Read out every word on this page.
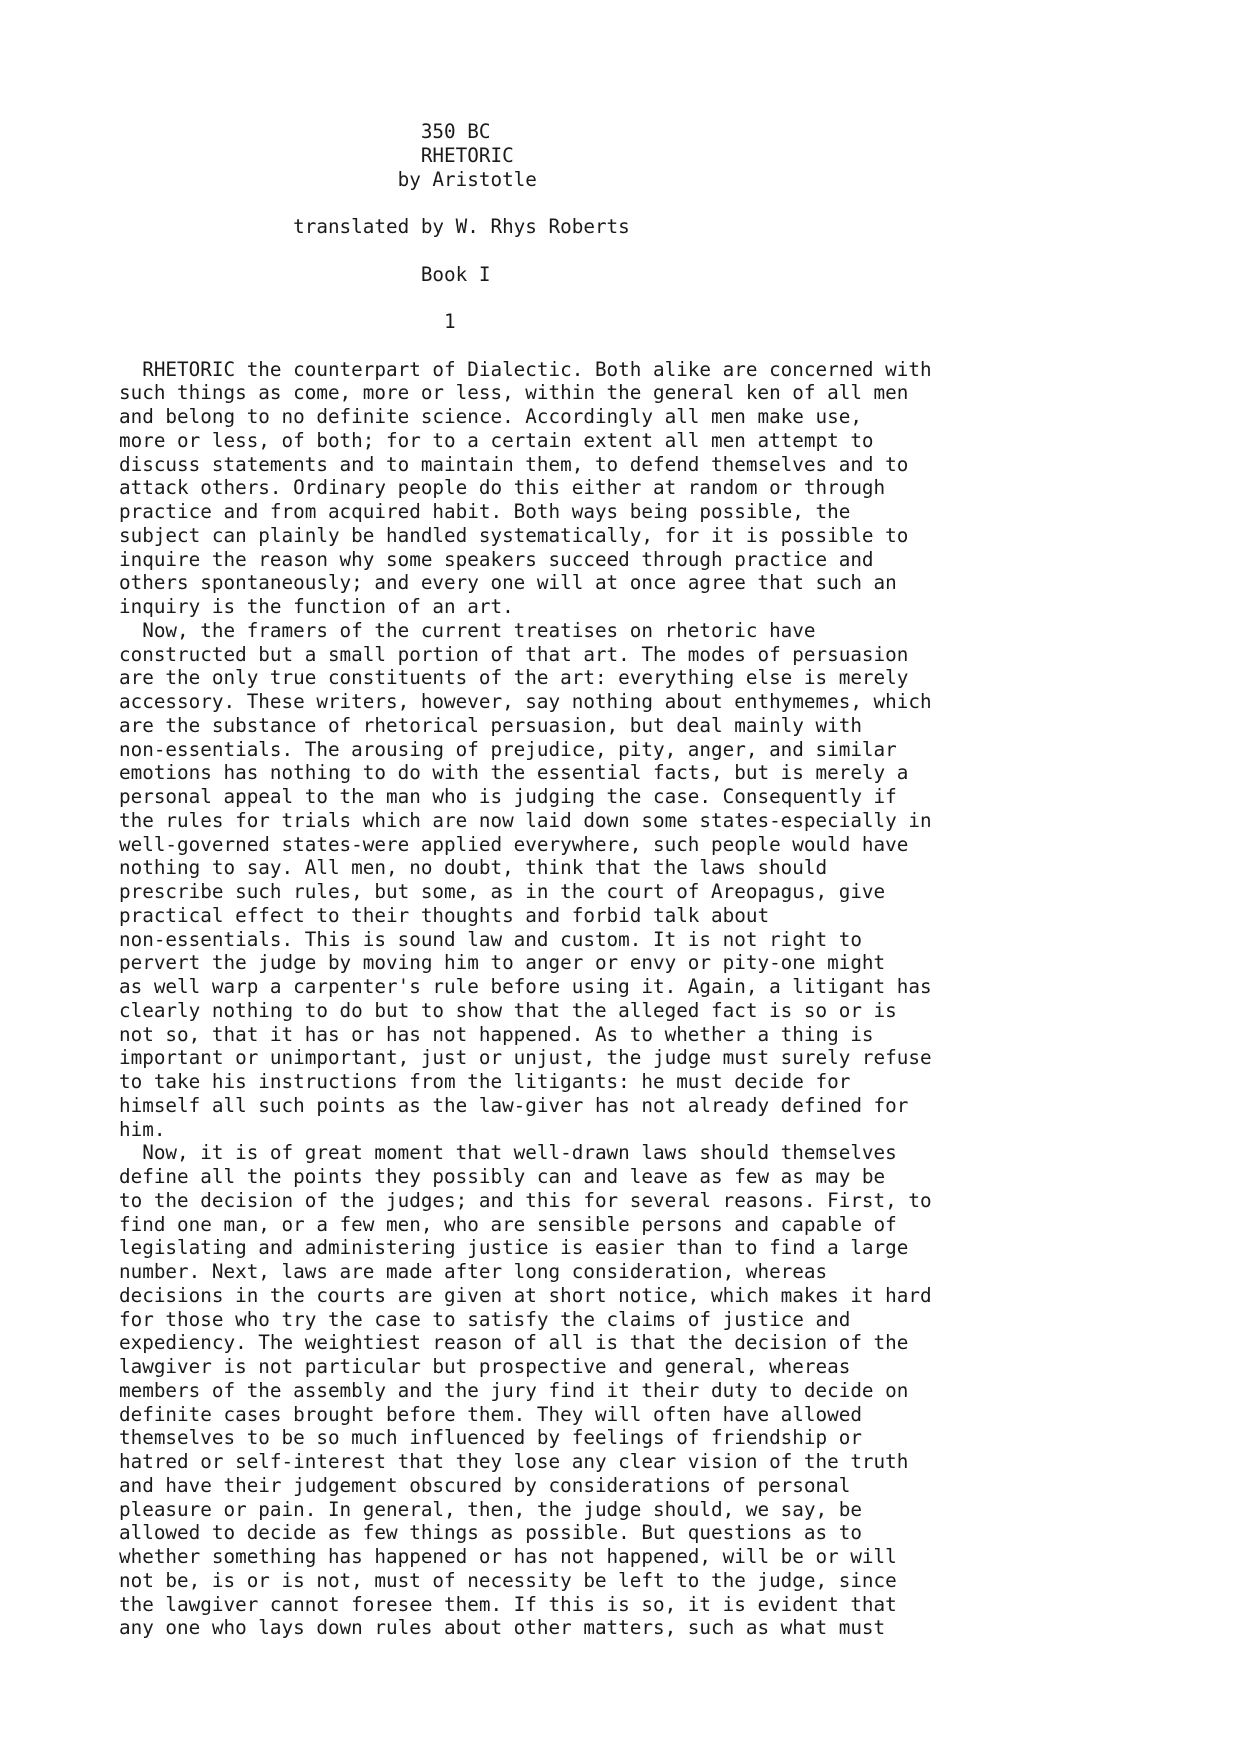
350 BC
RHETORIC
by Aristotle

translated by W. Rhys Roberts

Book I

1

RHETORIC the counterpart of Dialectic. Both alike are concerned with
such things as come, more or less, within the general ken of all men
and belong to no definite science. Accordingly all men make use,
more or less, of both; for to a certain extent all men attempt to
discuss statements and to maintain them, to defend themselves and to
attack others. Ordinary people do this either at random or through
practice and from acquired habit. Both ways being possible, the
subject can plainly be handled systematically, for it is possible to
inquire the reason why some speakers succeed through practice and
others spontaneously; and every one will at once agree that such an
inquiry is the function of an art.
Now, the framers of the current treatises on rhetoric have
constructed but a small portion of that art. The modes of persuasion
are the only true constituents of the art: everything else is merely
accessory. These writers, however, say nothing about enthymemes, which
are the substance of rhetorical persuasion, but deal mainly with
non-essentials. The arousing of prejudice, pity, anger, and similar
emotions has nothing to do with the essential facts, but is merely a
personal appeal to the man who is judging the case. Consequently if
the rules for trials which are now laid down some states-especially in
well-governed states-were applied everywhere, such people would have
nothing to say. All men, no doubt, think that the laws should
prescribe such rules, but some, as in the court of Areopagus, give
practical effect to their thoughts and forbid talk about
non-essentials. This is sound law and custom. It is not right to
pervert the judge by moving him to anger or envy or pity-one might
as well warp a carpenter's rule before using it. Again, a litigant has
clearly nothing to do but to show that the alleged fact is so or is
not so, that it has or has not happened. As to whether a thing is
important or unimportant, just or unjust, the judge must surely refuse
to take his instructions from the litigants: he must decide for
himself all such points as the law-giver has not already defined for
him.
Now, it is of great moment that well-drawn laws should themselves
define all the points they possibly can and leave as few as may be
to the decision of the judges; and this for several reasons. First, to
find one man, or a few men, who are sensible persons and capable of
legislating and administering justice is easier than to find a large
number. Next, laws are made after long consideration, whereas
decisions in the courts are given at short notice, which makes it hard
for those who try the case to satisfy the claims of justice and
expediency. The weightiest reason of all is that the decision of the
lawgiver is not particular but prospective and general, whereas
members of the assembly and the jury find it their duty to decide on
definite cases brought before them. They will often have allowed
themselves to be so much influenced by feelings of friendship or
hatred or self-interest that they lose any clear vision of the truth
and have their judgement obscured by considerations of personal
pleasure or pain. In general, then, the judge should, we say, be
allowed to decide as few things as possible. But questions as to
whether something has happened or has not happened, will be or will
not be, is or is not, must of necessity be left to the judge, since
the lawgiver cannot foresee them. If this is so, it is evident that
any one who lays down rules about other matters, such as what must
